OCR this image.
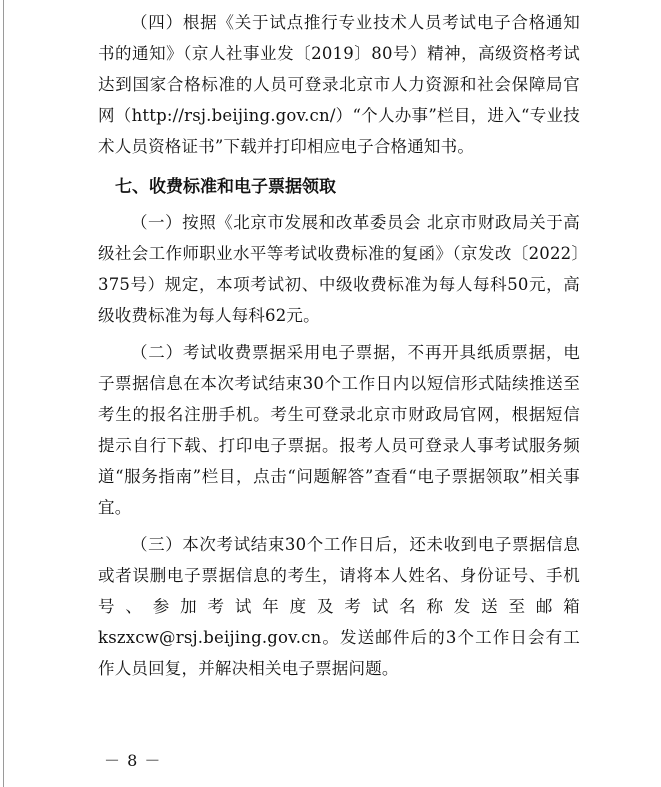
（四）根据《关于试点推行专业技术人员考试电子合格通知书的通知》（京人社事业发〔2019〕80号）精神，高级资格考试达到国家合格标准的人员可登录北京市人力资源和社会保障局官网（http://rsj.beijing.gov.cn/）“个人办事”栏目，进入“专业技术人员资格证书”下载并打印相应电子合格通知书。

七、收费标准和电子票据领取

（一）按照《北京市发展和改革委员会 北京市财政局关于高级社会工作师职业水平等考试收费标准的复函》（京发改〔2022〕375号）规定，本项考试初、中级收费标准为每人每科50元，高级收费标准为每人每科62元。

（二）考试收费票据采用电子票据，不再开具纸质票据，电子票据信息在本次考试结束30个工作日内以短信形式陆续推送至考生的报名注册手机。考生可登录北京市财政局官网，根据短信提示自行下载、打印电子票据。报考人员可登录人事考试服务频道“服务指南”栏目，点击“问题解答”查看“电子票据领取”相关事宜。

（三）本次考试结束30个工作日后，还未收到电子票据信息或者误删电子票据信息的考生，请将本人姓名、身份证号、手机号、参加考试年度及考试名称发送至邮箱kszxcw@rsj.beijing.gov.cn。发送邮件后的3个工作日会有工作人员回复，并解决相关电子票据问题。

－ 8 －
